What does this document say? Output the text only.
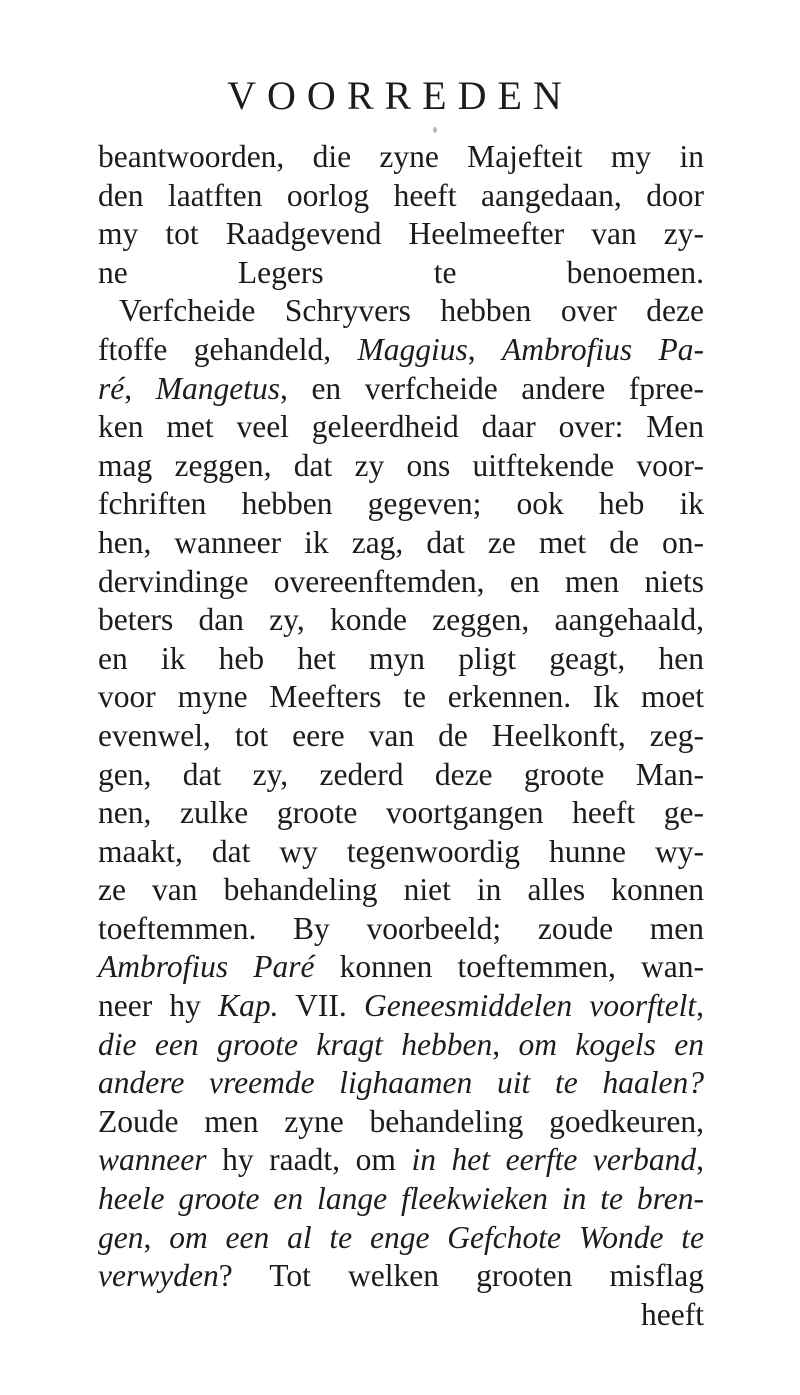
VOORREDEN
beantwoorden, die zyne Majefteit my in
den laatften oorlog heeft aangedaan, door
my tot Raadgevend Heelmeefter van zy-
ne Legers te benoemen.
Verfcheide Schryvers hebben over deze
ftoffe gehandeld, Maggius, Ambrofius Pa-
ré, Mangetus, en verfcheide andere fpree-
ken met veel geleerdheid daar over: Men
mag zeggen, dat zy ons uitftekende voor-
fchriften hebben gegeven; ook heb ik
hen, wanneer ik zag, dat ze met de on-
dervindinge overeenftemden, en men niets
beters dan zy, konde zeggen, aangehaald,
en ik heb het myn pligt geagt, hen
voor myne Meefters te erkennen. Ik moet
evenwel, tot eere van de Heelkonft, zeg-
gen, dat zy, zederd deze groote Man-
nen, zulke groote voortgangen heeft ge-
maakt, dat wy tegenwoordig hunne wy-
ze van behandeling niet in alles konnen
toeftemmen. By voorbeeld; zoude men
Ambrofius Paré konnen toeftemmen, wan-
neer hy Kap. VII. Geneesmiddelen voorftelt,
die een groote kragt hebben, om kogels en
andere vreemde lighaamen uit te haalen?
Zoude men zyne behandeling goedkeuren,
wanneer hy raadt, om in het eerfte verband,
heele groote en lange fleekwieken in te bren-
gen, om een al te enge Gefchote Wonde te
verwyden? Tot welken grooten misflag
heeft
